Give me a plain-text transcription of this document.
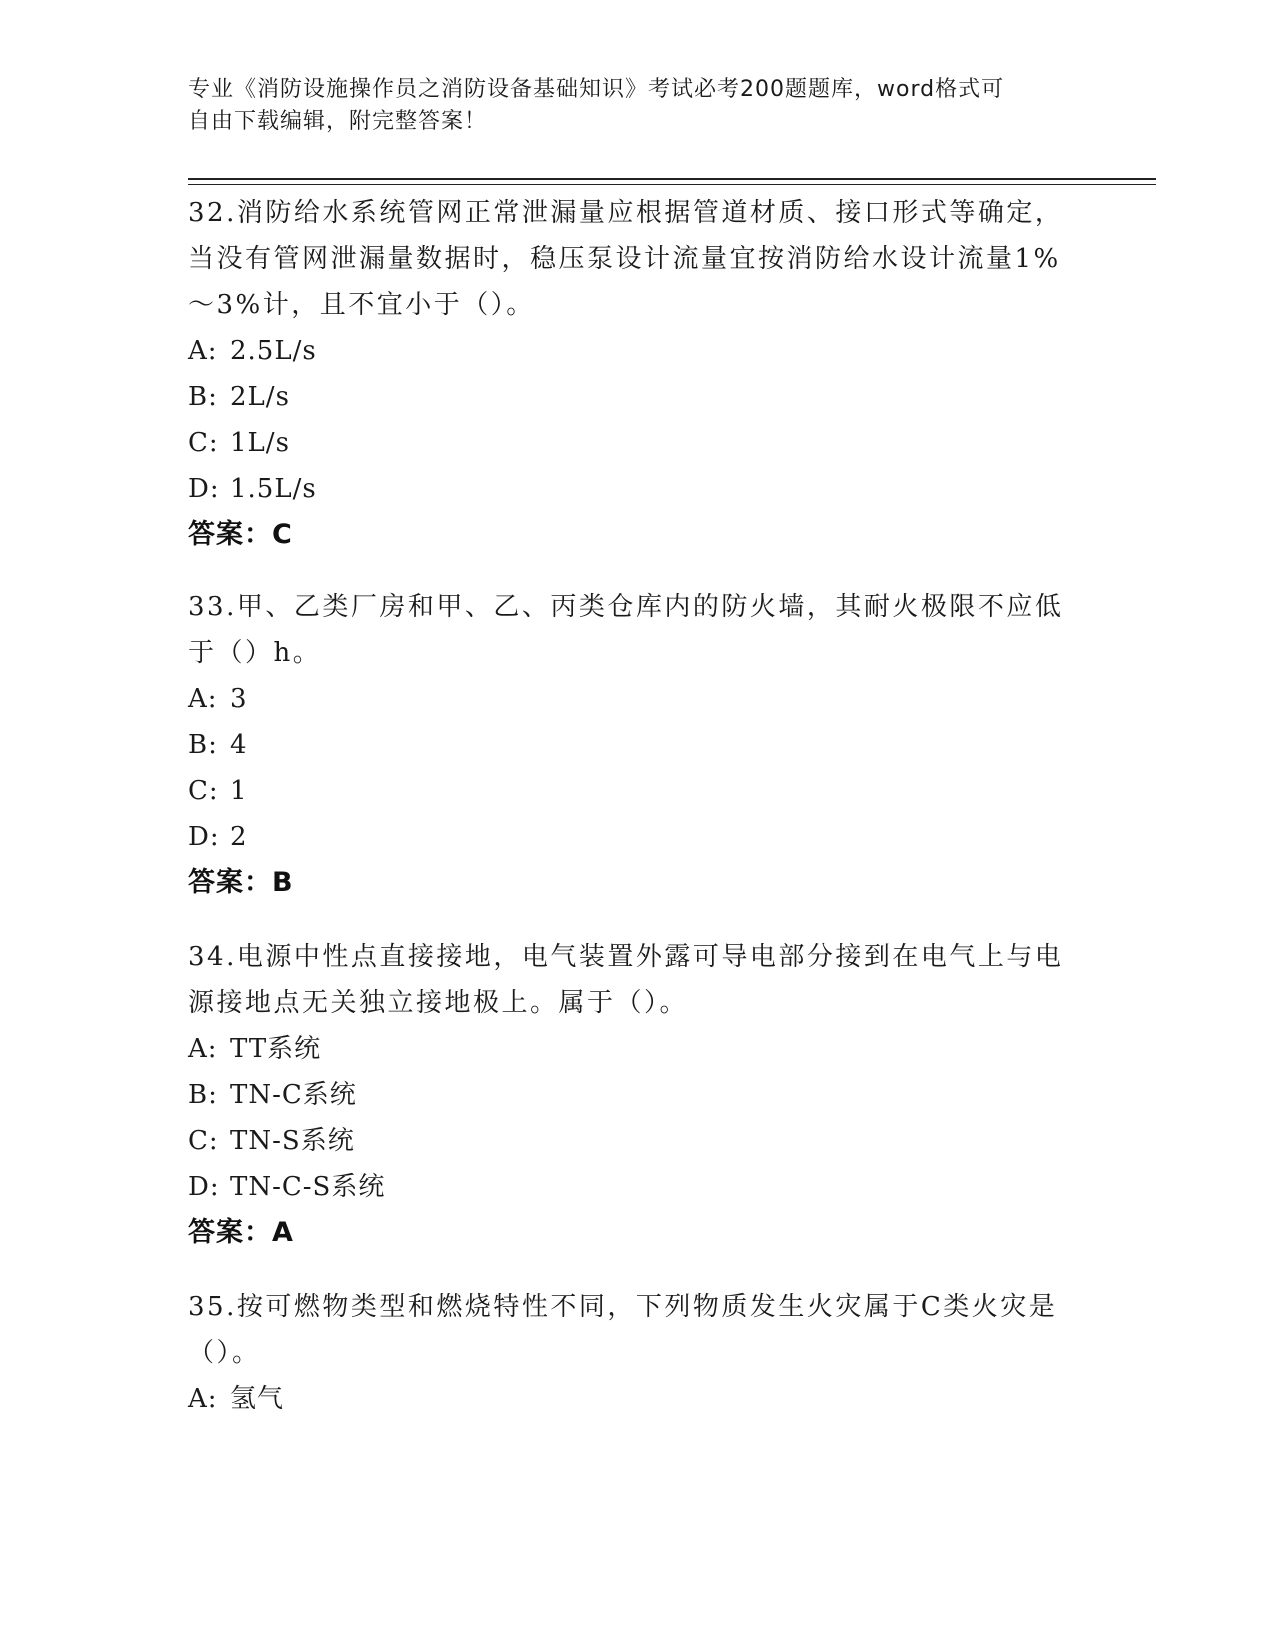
专业《消防设施操作员之消防设备基础知识》考试必考200题题库，word格式可
自由下载编辑，附完整答案！

32.消防给水系统管网正常泄漏量应根据管道材质、接口形式等确定，当没有管网泄漏量数据时，稳压泵设计流量宜按消防给水设计流量1%～3%计，且不宜小于（）。

A: 2.5L/s

B: 2L/s

C: 1L/s

D: 1.5L/s

答案：C

33.甲、乙类厂房和甲、乙、丙类仓库内的防火墙，其耐火极限不应低于（）h。

A: 3

B: 4

C: 1

D: 2

答案：B

34.电源中性点直接接地，电气装置外露可导电部分接到在电气上与电源接地点无关独立接地极上。属于（）。

A: TT系统

B: TN-C系统

C: TN-S系统

D: TN-C-S系统

答案：A

35.按可燃物类型和燃烧特性不同，下列物质发生火灾属于C类火灾是（）。

A: 氢气
